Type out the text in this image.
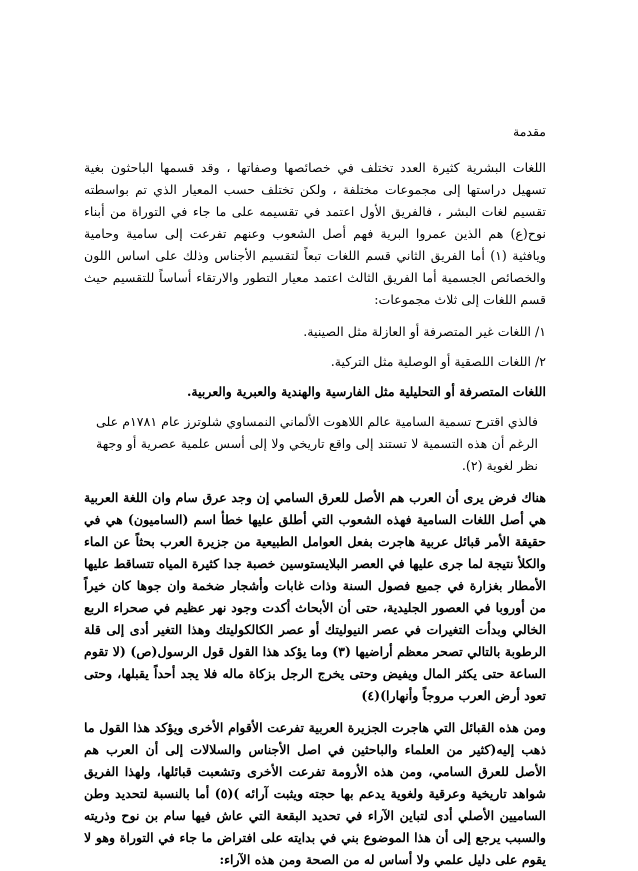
مقدمة

اللغات البشرية كثيرة العدد تختلف في خصائصها وصفاتها ، وقد قسمها الباحثون بغية تسهيل دراستها إلى مجموعات مختلفة ، ولكن تختلف حسب المعيار الذي تم بواسطته تقسيم لغات البشر ، فالفريق الأول اعتمد في تقسيمه على ما جاء في التوراة من أبناء نوح(ع) هم الذين عمروا البرية فهم أصل الشعوب وعنهم تفرعت إلى سامية وحامية ويافثية (١) أما الفريق الثاني قسم اللغات تبعاً لتقسيم الأجناس وذلك على اساس اللون والخصائص الجسمية أما الفريق الثالث اعتمد معيار التطور والارتقاء أساساً للتقسيم حيث قسم اللغات إلى ثلاث مجموعات:

١/ اللغات غير المتصرفة أو العازلة مثل الصينية.

٢/ اللغات اللصقية أو الوصلية مثل التركية.

اللغات المتصرفة أو التحليلية مثل الفارسية والهندية والعبرية والعربية.

فالذي اقترح تسمية السامية عالم اللاهوت الألماني النمساوي شلوترز عام ١٧٨١م على الرغم أن هذه التسمية لا تستند إلى واقع تاريخي ولا إلى أسس علمية عصرية أو وجهة نظر لغوية (٢).

هناك فرض يرى أن العرب هم الأصل للعرق السامي إن وجد عرق سام وان اللغة العربية هي أصل اللغات السامية فهذه الشعوب التي أطلق عليها خطأ اسم (الساميون) هي في حقيقة الأمر قبائل عربية هاجرت بفعل العوامل الطبيعية من جزيرة العرب بحثاً عن الماء والكلأ نتيجة لما جرى عليها في العصر البلايستوسين خصبة جدا كثيرة المياه تتساقط عليها الأمطار بغزارة في جميع فصول السنة وذات غابات وأشجار ضخمة وان جوها كان خيراً من أوروبا في العصور الجليدية، حتى أن الأبحاث أكدت وجود نهر عظيم في صحراء الربع الخالي وبدأت التغيرات في عصر النيوليتك أو عصر الكالكوليتك وهذا التغير أدى إلى قلة الرطوبة بالتالي تصحر معظم أراضيها (٣) وما يؤكد هذا القول قول الرسول(ص) (لا تقوم الساعة حتى يكثر المال ويفيض وحتى يخرج الرجل بزكاة ماله فلا يجد أحداً يقبلها، وحتى تعود أرض العرب مروجاً وأنهارا)(٤)

ومن هذه القبائل التي هاجرت الجزيرة العربية تفرعت الأقوام الأخرى ويؤكد هذا القول ما ذهب إليه(كثير من العلماء والباحثين في اصل الأجناس والسلالات إلى أن العرب هم الأصل للعرق السامي، ومن هذه الأرومة تفرعت الأخرى وتشعبت قبائلها، ولهذا الفريق شواهد تاريخية وعرقية ولغوية يدعم بها حجته ويثبت آرائه )(٥) أما بالنسبة لتحديد وطن الساميين الأصلي أدى لتباين الآراء في تحديد البقعة التي عاش فيها سام بن نوح وذريته والسبب يرجع إلى أن هذا الموضوع بني في بدايته على افتراض ما جاء في التوراة وهو لا يقوم على دليل علمي ولا أساس له من الصحة ومن هذه الآراء:
